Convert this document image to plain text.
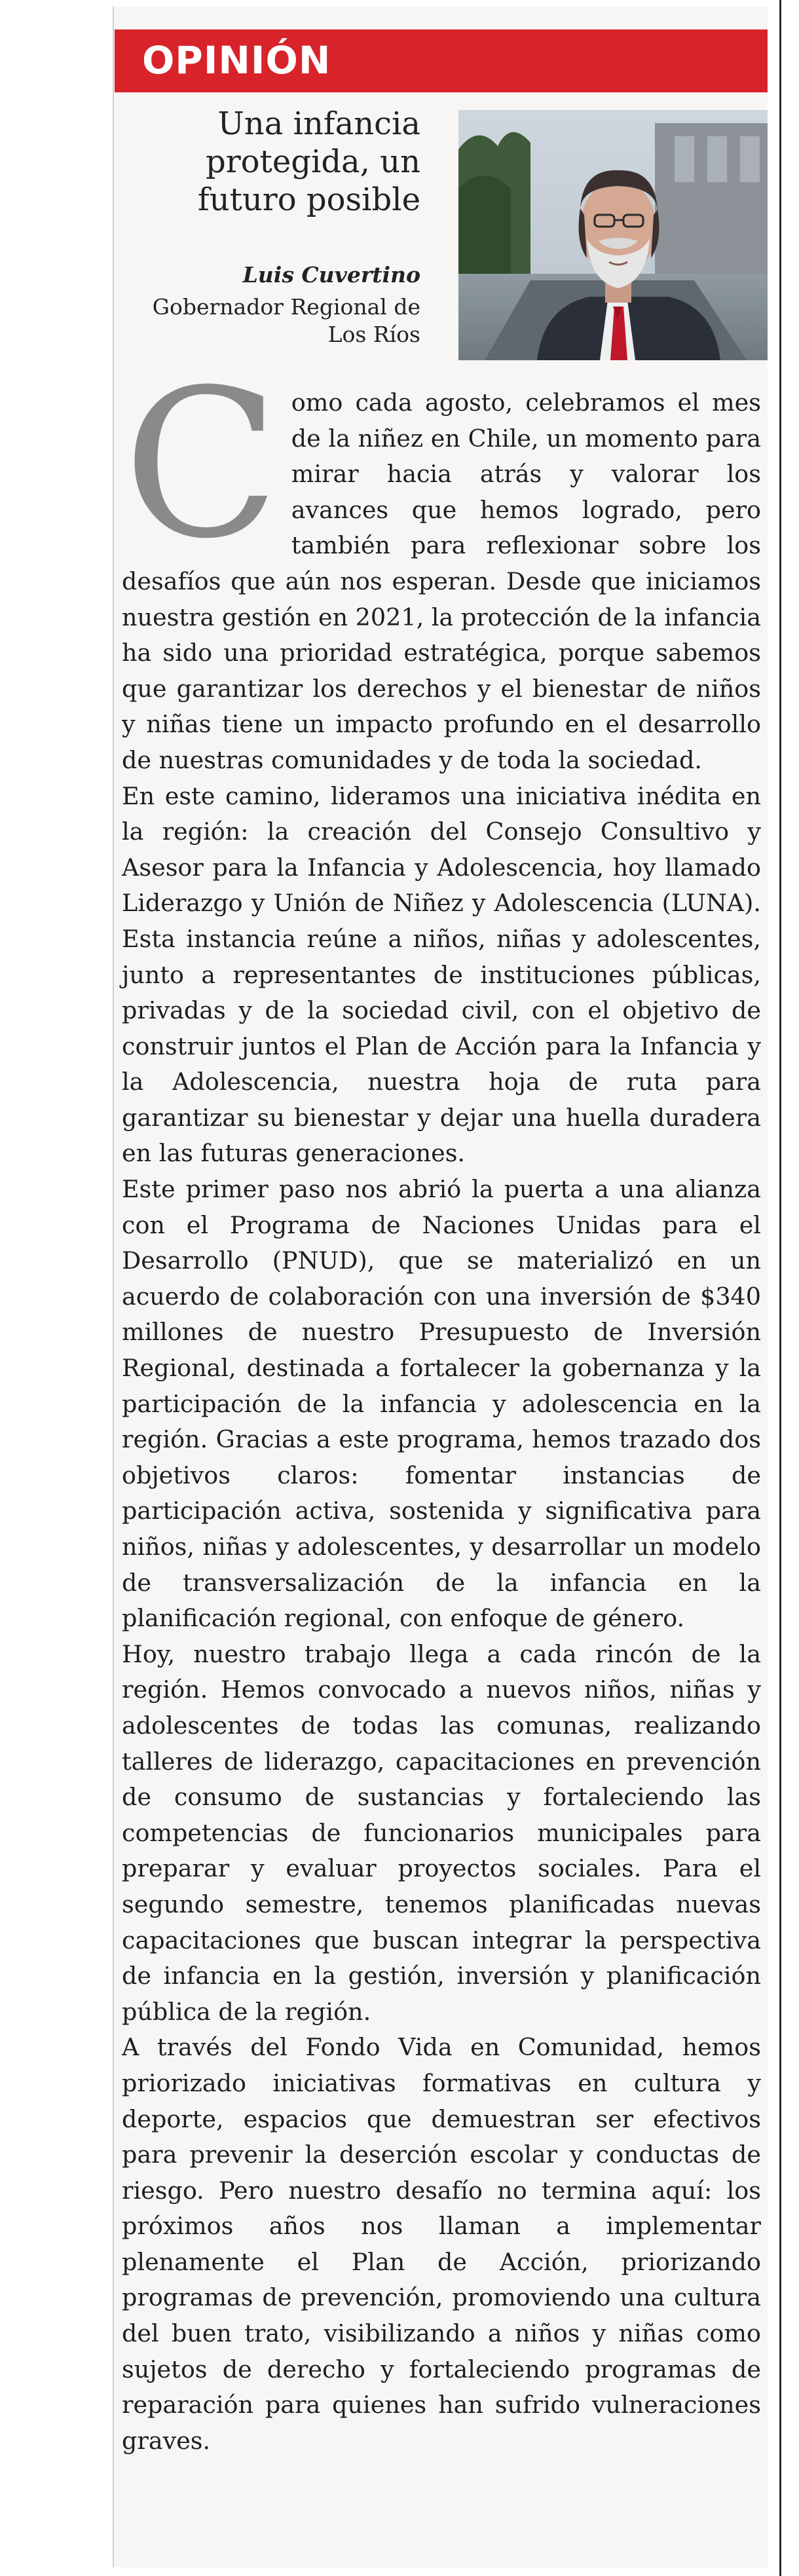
OPINIÓN
Una infancia protegida, un futuro posible
Luis Cuvertino
Gobernador Regional de Los Ríos
C omo cada agosto, celebramos el mes de la niñez en Chile, un momento para mirar hacia atrás y valorar los avances que hemos logrado, pero también para reflexionar sobre los desafíos que aún nos esperan. Desde que iniciamos nuestra gestión en 2021, la protección de la infancia ha sido una prioridad estratégica, porque sabemos que garantizar los derechos y el bienestar de niños y niñas tiene un impacto profundo en el desarrollo de nuestras comunidades y de toda la sociedad.

En este camino, lideramos una iniciativa inédita en la región: la creación del Consejo Consultivo y Asesor para la Infancia y Adolescencia, hoy llamado Liderazgo y Unión de Niñez y Adolescencia (LUNA). Esta instancia reúne a niños, niñas y adolescentes, junto a representantes de instituciones públicas, privadas y de la sociedad civil, con el objetivo de construir juntos el Plan de Acción para la Infancia y la Adolescencia, nuestra hoja de ruta para garantizar su bienestar y dejar una huella duradera en las futuras generaciones.

Este primer paso nos abrió la puerta a una alianza con el Programa de Naciones Unidas para el Desarrollo (PNUD), que se materializó en un acuerdo de colaboración con una inversión de $340 millones de nuestro Presupuesto de Inversión Regional, destinada a fortalecer la gobernanza y la participación de la infancia y adolescencia en la región. Gracias a este programa, hemos trazado dos objetivos claros: fomentar instancias de participación activa, sostenida y significativa para niños, niñas y adolescentes, y desarrollar un modelo de transversalización de la infancia en la planificación regional, con enfoque de género.

Hoy, nuestro trabajo llega a cada rincón de la región. Hemos convocado a nuevos niños, niñas y adolescentes de todas las comunas, realizando talleres de liderazgo, capacitaciones en prevención de consumo de sustancias y fortaleciendo las competencias de funcionarios municipales para preparar y evaluar proyectos sociales. Para el segundo semestre, tenemos planificadas nuevas capacitaciones que buscan integrar la perspectiva de infancia en la gestión, inversión y planificación pública de la región.

A través del Fondo Vida en Comunidad, hemos priorizado iniciativas formativas en cultura y deporte, espacios que demuestran ser efectivos para prevenir la deserción escolar y conductas de riesgo. Pero nuestro desafío no termina aquí: los próximos años nos llaman a implementar plenamente el Plan de Acción, priorizando programas de prevención, promoviendo una cultura del buen trato, visibilizando a niños y niñas como sujetos de derecho y fortaleciendo programas de reparación para quienes han sufrido vulneraciones graves.
